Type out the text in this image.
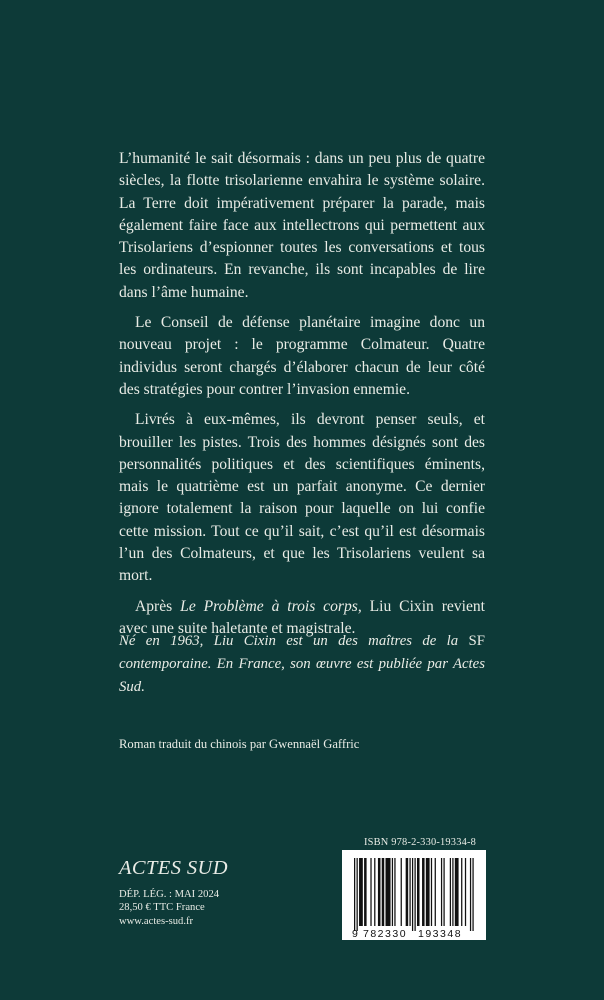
L’humanité le sait désormais : dans un peu plus de quatre siècles, la flotte trisolarienne envahira le système solaire. La Terre doit impérativement préparer la parade, mais également faire face aux intellectrons qui permettent aux Trisolariens d’espionner toutes les conversations et tous les ordinateurs. En revanche, ils sont incapables de lire dans l’âme humaine.

Le Conseil de défense planétaire imagine donc un nouveau projet : le programme Colmateur. Quatre individus seront chargés d’élaborer chacun de leur côté des stratégies pour contrer l’invasion ennemie.

Livrés à eux-mêmes, ils devront penser seuls, et brouiller les pistes. Trois des hommes désignés sont des personnalités politiques et des scientifiques éminents, mais le quatrième est un parfait anonyme. Ce dernier ignore totalement la raison pour laquelle on lui confie cette mission. Tout ce qu’il sait, c’est qu’il est désormais l’un des Colmateurs, et que les Trisolariens veulent sa mort.

Après Le Problème à trois corps, Liu Cixin revient avec une suite haletante et magistrale.

Né en 1963, Liu Cixin est un des maîtres de la SF contemporaine. En France, son œuvre est publiée par Actes Sud.

Roman traduit du chinois par Gwennaël Gaffric

ISBN 978-2-330-19334-8
9 782330 193348
ACTES SUD
DÉP. LÉG. : MAI 2024
28,50 € TTC France
www.actes-sud.fr
